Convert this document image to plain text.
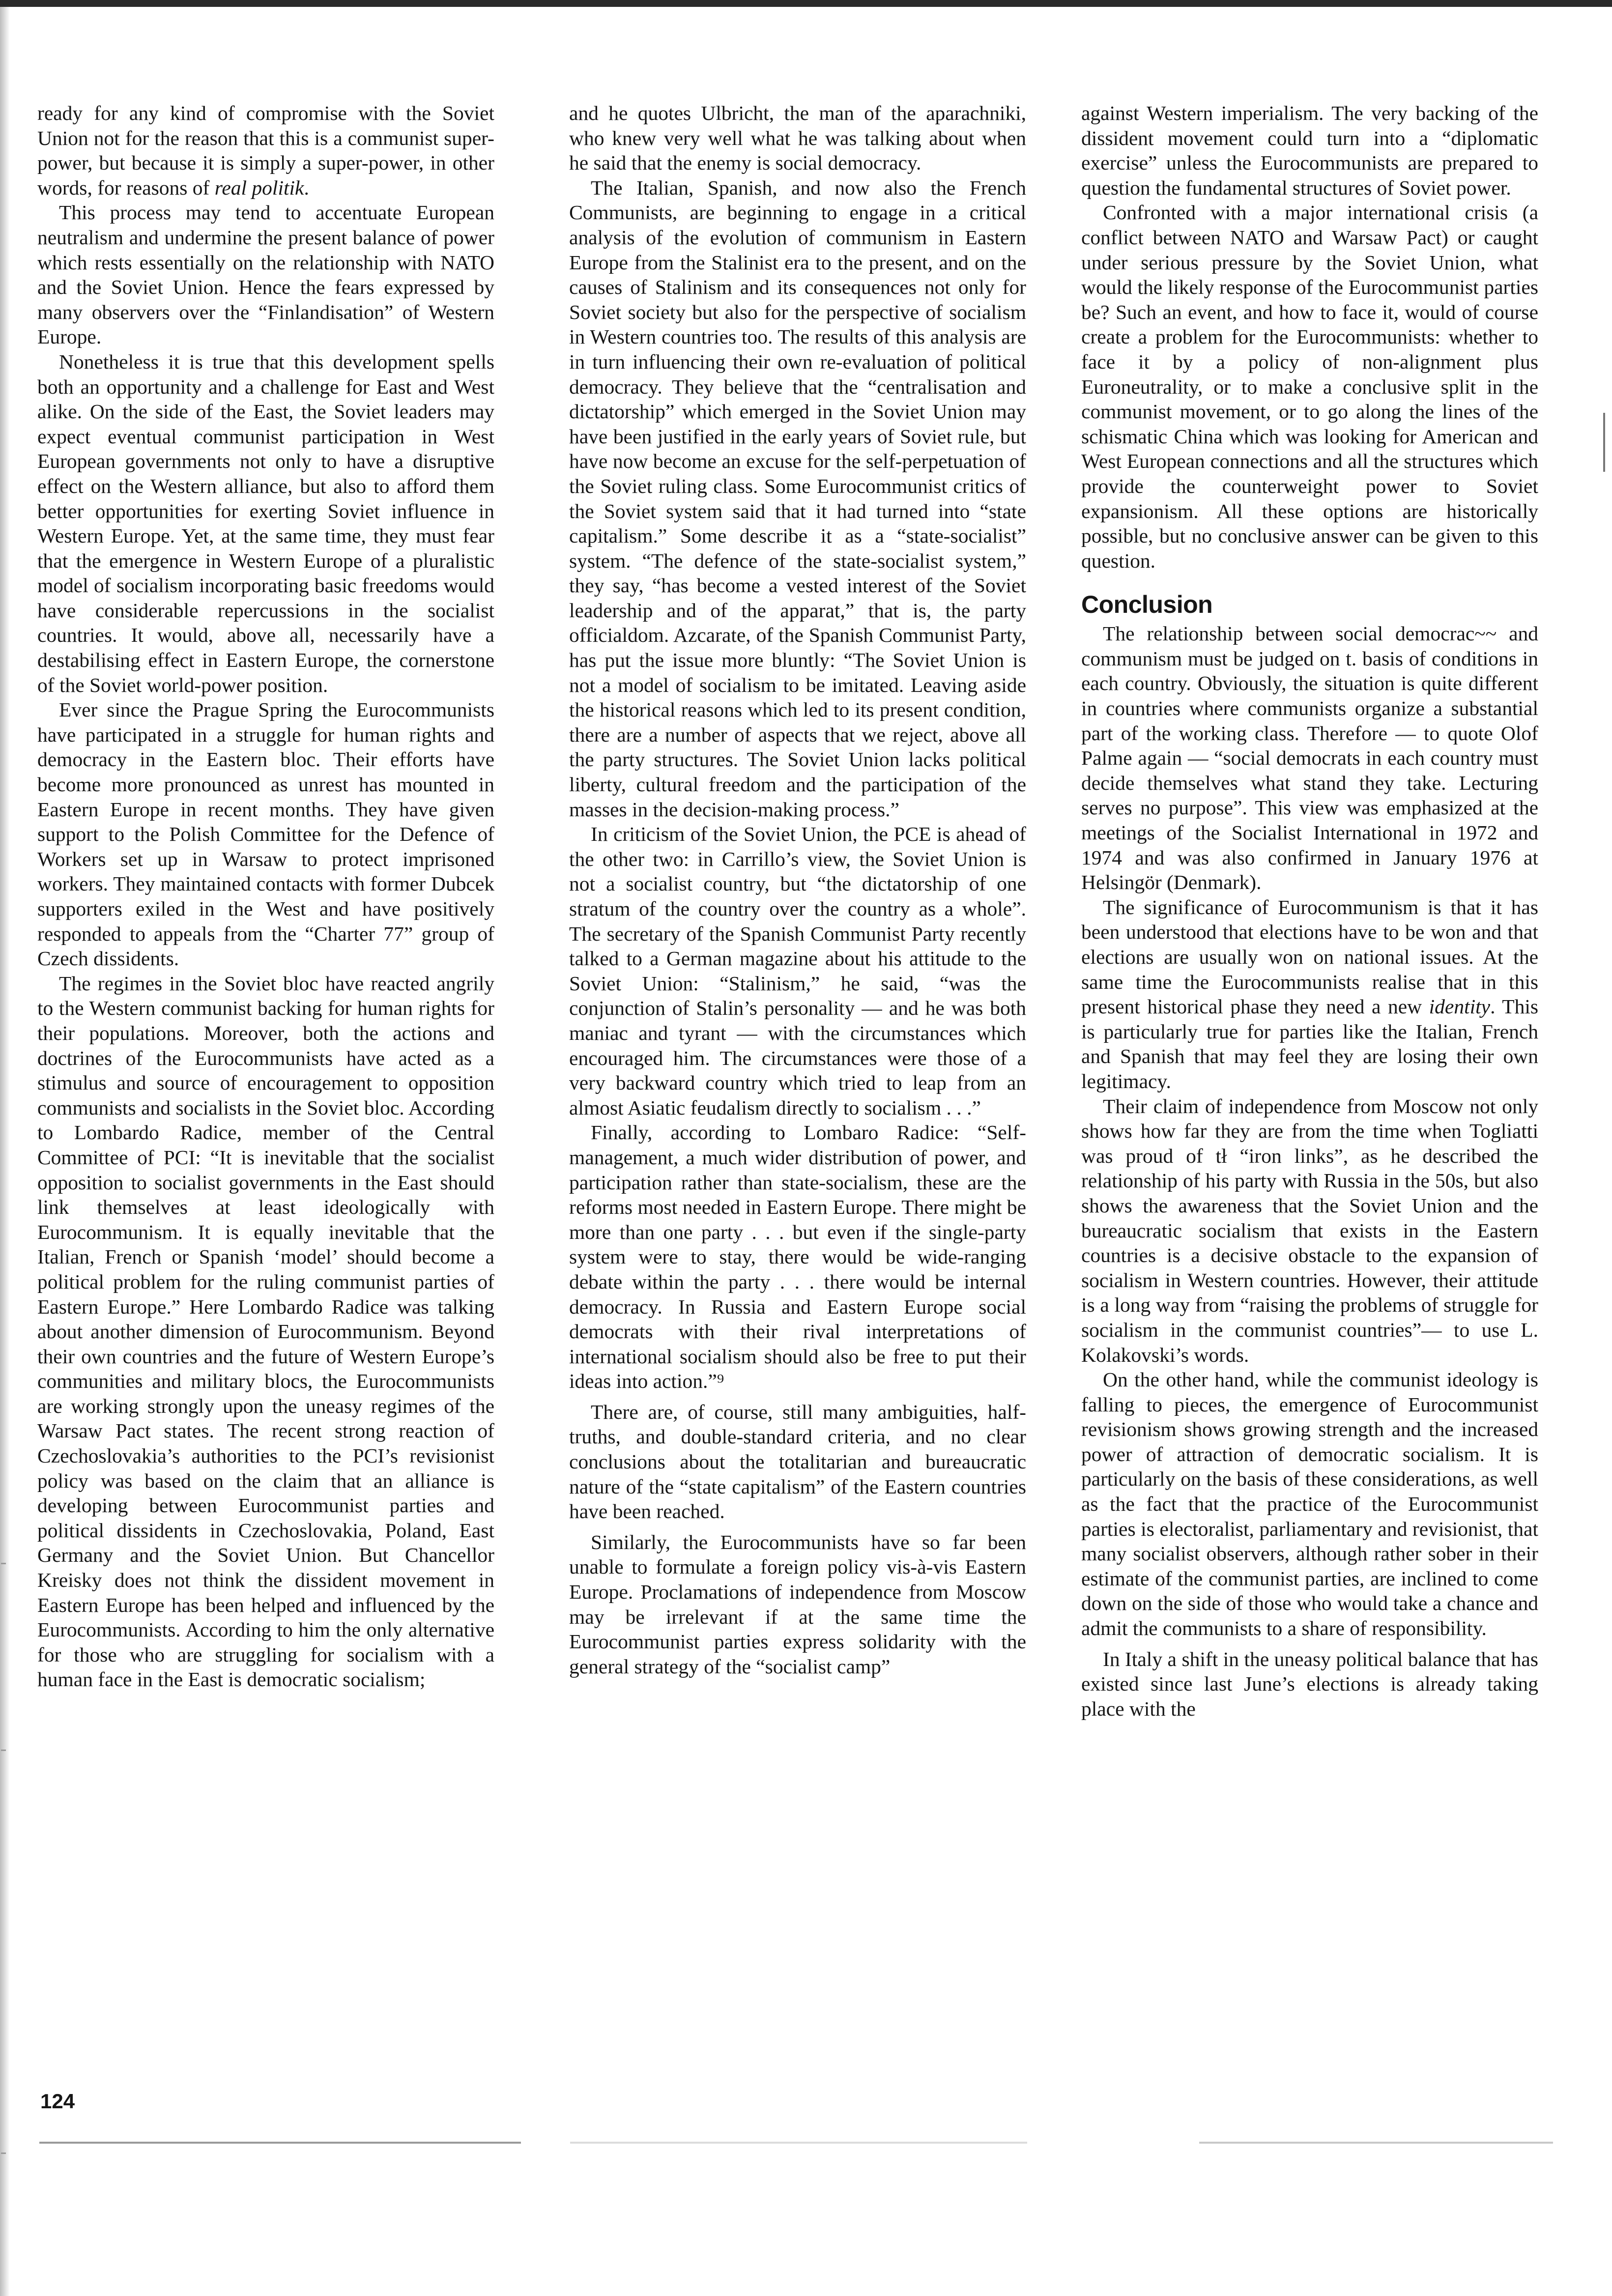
ready for any kind of compromise with the Soviet Union not for the reason that this is a communist super-power, but because it is simply a super-power, in other words, for reasons of real politik.

This process may tend to accentuate European neutralism and undermine the present balance of power which rests essentially on the relationship with NATO and the Soviet Union. Hence the fears expressed by many observers over the “Finlandisation” of Western Europe.

Nonetheless it is true that this development spells both an opportunity and a challenge for East and West alike. On the side of the East, the Soviet leaders may expect eventual communist participation in West European governments not only to have a disruptive effect on the Western alliance, but also to afford them better opportunities for exerting Soviet influence in Western Europe. Yet, at the same time, they must fear that the emergence in Western Europe of a pluralistic model of socialism incorporating basic freedoms would have considerable repercussions in the socialist countries. It would, above all, necessarily have a destabilising effect in Eastern Europe, the cornerstone of the Soviet world-power position.

Ever since the Prague Spring the Eurocommunists have participated in a struggle for human rights and democracy in the Eastern bloc. Their efforts have become more pronounced as unrest has mounted in Eastern Europe in recent months. They have given support to the Polish Committee for the Defence of Workers set up in Warsaw to protect imprisoned workers. They maintained contacts with former Dubcek supporters exiled in the West and have positively responded to appeals from the “Charter 77” group of Czech dissidents.

The regimes in the Soviet bloc have reacted angrily to the Western communist backing for human rights for their populations. Moreover, both the actions and doctrines of the Eurocommunists have acted as a stimulus and source of encouragement to opposition communists and socialists in the Soviet bloc. According to Lombardo Radice, member of the Central Committee of PCI: “It is inevitable that the socialist opposition to socialist governments in the East should link themselves at least ideologically with Eurocommunism. It is equally inevitable that the Italian, French or Spanish ‘model’ should become a political problem for the ruling communist parties of Eastern Europe.” Here Lombardo Radice was talking about another dimension of Eurocommunism. Beyond their own countries and the future of Western Europe’s communities and military blocs, the Eurocommunists are working strongly upon the uneasy regimes of the Warsaw Pact states. The recent strong reaction of Czechoslovakia’s authorities to the PCI’s revisionist policy was based on the claim that an alliance is developing between Eurocommunist parties and political dissidents in Czechoslovakia, Poland, East Germany and the Soviet Union. But Chancellor Kreisky does not think the dissident movement in Eastern Europe has been helped and influenced by the Eurocommunists. According to him the only alternative for those who are struggling for socialism with a human face in the East is democratic socialism;

and he quotes Ulbricht, the man of the aparachniki, who knew very well what he was talking about when he said that the enemy is social democracy.

The Italian, Spanish, and now also the French Communists, are beginning to engage in a critical analysis of the evolution of communism in Eastern Europe from the Stalinist era to the present, and on the causes of Stalinism and its consequences not only for Soviet society but also for the perspective of socialism in Western countries too. The results of this analysis are in turn influencing their own re-evaluation of political democracy. They believe that the “centralisation and dictatorship” which emerged in the Soviet Union may have been justified in the early years of Soviet rule, but have now become an excuse for the self-perpetuation of the Soviet ruling class. Some Eurocommunist critics of the Soviet system said that it had turned into “state capitalism.” Some describe it as a “state-socialist” system. “The defence of the state-socialist system,” they say, “has become a vested interest of the Soviet leadership and of the apparat,” that is, the party officialdom. Azcarate, of the Spanish Communist Party, has put the issue more bluntly: “The Soviet Union is not a model of socialism to be imitated. Leaving aside the historical reasons which led to its present condition, there are a number of aspects that we reject, above all the party structures. The Soviet Union lacks political liberty, cultural freedom and the participation of the masses in the decision-making process.”

In criticism of the Soviet Union, the PCE is ahead of the other two: in Carrillo’s view, the Soviet Union is not a socialist country, but “the dictatorship of one stratum of the country over the country as a whole”. The secretary of the Spanish Communist Party recently talked to a German magazine about his attitude to the Soviet Union: “Stalinism,” he said, “was the conjunction of Stalin’s personality — and he was both maniac and tyrant — with the circumstances which encouraged him. The circumstances were those of a very backward country which tried to leap from an almost Asiatic feudalism directly to socialism . . .”

Finally, according to Lombaro Radice: “Self-management, a much wider distribution of power, and participation rather than state-socialism, these are the reforms most needed in Eastern Europe. There might be more than one party . . . but even if the single-party system were to stay, there would be wide-ranging debate within the party . . . there would be internal democracy. In Russia and Eastern Europe social democrats with their rival interpretations of international socialism should also be free to put their ideas into action.”⁹

There are, of course, still many ambiguities, half-truths, and double-standard criteria, and no clear conclusions about the totalitarian and bureaucratic nature of the “state capitalism” of the Eastern countries have been reached.

Similarly, the Eurocommunists have so far been unable to formulate a foreign policy vis-à-vis Eastern Europe. Proclamations of independence from Moscow may be irrelevant if at the same time the Eurocommunist parties express solidarity with the general strategy of the “socialist camp”

against Western imperialism. The very backing of the dissident movement could turn into a “diplomatic exercise” unless the Eurocommunists are prepared to question the fundamental structures of Soviet power.

Confronted with a major international crisis (a conflict between NATO and Warsaw Pact) or caught under serious pressure by the Soviet Union, what would the likely response of the Eurocommunist parties be? Such an event, and how to face it, would of course create a problem for the Eurocommunists: whether to face it by a policy of non-alignment plus Euroneutrality, or to make a conclusive split in the communist movement, or to go along the lines of the schismatic China which was looking for American and West European connections and all the structures which provide the counterweight power to Soviet expansionism. All these options are historically possible, but no conclusive answer can be given to this question.

Conclusion

The relationship between social democrac~~ and communism must be judged on t. basis of conditions in each country. Obviously, the situation is quite different in countries where communists organize a substantial part of the working class. Therefore — to quote Olof Palme again — “social democrats in each country must decide themselves what stand they take. Lecturing serves no purpose”. This view was emphasized at the meetings of the Socialist International in 1972 and 1974 and was also confirmed in January 1976 at Helsingör (Denmark).

The significance of Eurocommunism is that it has been understood that elections have to be won and that elections are usually won on national issues. At the same time the Eurocommunists realise that in this present historical phase they need a new identity. This is particularly true for parties like the Italian, French and Spanish that may feel they are losing their own legitimacy.

Their claim of independence from Moscow not only shows how far they are from the time when Togliatti was proud of tł “iron links”, as he described the relationship of his party with Russia in the 50s, but also shows the awareness that the Soviet Union and the bureaucratic socialism that exists in the Eastern countries is a decisive obstacle to the expansion of socialism in Western countries. However, their attitude is a long way from “raising the problems of struggle for socialism in the communist countries”— to use L. Kolakovski’s words.

On the other hand, while the communist ideology is falling to pieces, the emergence of Eurocommunist revisionism shows growing strength and the increased power of attraction of democratic socialism. It is particularly on the basis of these considerations, as well as the fact that the practice of the Eurocommunist parties is electoralist, parliamentary and revisionist, that many socialist observers, although rather sober in their estimate of the communist parties, are inclined to come down on the side of those who would take a chance and admit the communists to a share of responsibility.

In Italy a shift in the uneasy political balance that has existed since last June’s elections is already taking place with the

124
